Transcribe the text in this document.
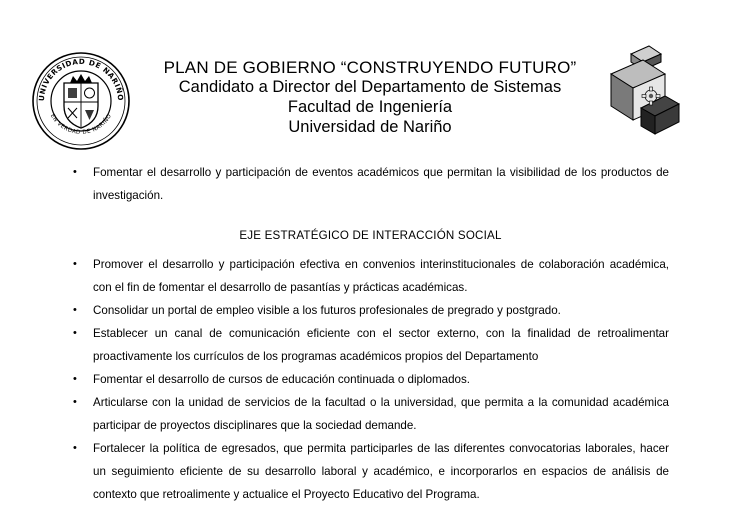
UNIVERSIDAD DE NARIÑO
EN VERDAD DE NARIÑO
PLAN DE GOBIERNO “CONSTRUYENDO FUTURO”
Candidato a Director del Departamento de Sistemas
Facultad de Ingeniería
Universidad de Nariño
• Fomentar el desarrollo y participación de eventos académicos que permitan la visibilidad de los productos de investigación.
EJE ESTRATÉGICO DE INTERACCIÓN SOCIAL
• Promover el desarrollo y participación efectiva en convenios interinstitucionales de colaboración académica, con el fin de fomentar el desarrollo de pasantías y prácticas académicas.
• Consolidar un portal de empleo visible a los futuros profesionales de pregrado y postgrado.
• Establecer un canal de comunicación eficiente con el sector externo, con la finalidad de retroalimentar proactivamente los currículos de los programas académicos propios del Departamento
• Fomentar el desarrollo de cursos de educación continuada o diplomados.
• Articularse con la unidad de servicios de la facultad o la universidad, que permita a la comunidad académica participar de proyectos disciplinares que la sociedad demande.
• Fortalecer la política de egresados, que permita participarles de las diferentes convocatorias laborales, hacer un seguimiento eficiente de su desarrollo laboral y académico, e incorporarlos en espacios de análisis de contexto que retroalimente y actualice el Proyecto Educativo del Programa.
